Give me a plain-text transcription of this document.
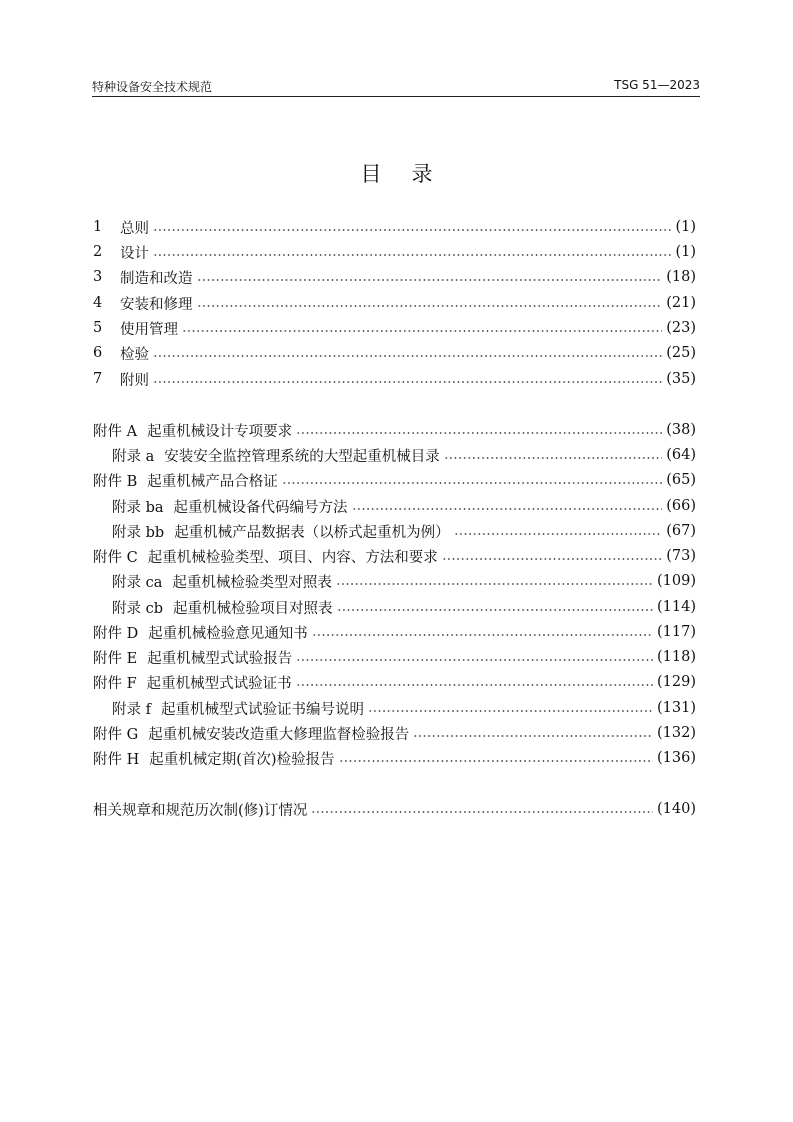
特种设备安全技术规范	TSG 51—2023
目录
1	总则	(1)
2	设计	(1)
3	制造和改造	(18)
4	安装和修理	(21)
5	使用管理	(23)
6	检验	(25)
7	附则	(35)
附件 A 起重机械设计专项要求	(38)
附录 a 安装安全监控管理系统的大型起重机械目录	(64)
附件 B 起重机械产品合格证	(65)
附录 ba 起重机械设备代码编号方法	(66)
附录 bb 起重机械产品数据表（以桥式起重机为例）	(67)
附件 C 起重机械检验类型、项目、内容、方法和要求	(73)
附录 ca 起重机械检验类型对照表	(109)
附录 cb 起重机械检验项目对照表	(114)
附件 D 起重机械检验意见通知书	(117)
附件 E 起重机械型式试验报告	(118)
附件 F 起重机械型式试验证书	(129)
附录 f 起重机械型式试验证书编号说明	(131)
附件 G 起重机械安装改造重大修理监督检验报告	(132)
附件 H 起重机械定期(首次)检验报告	(136)
相关规章和规范历次制(修)订情况	(140)
